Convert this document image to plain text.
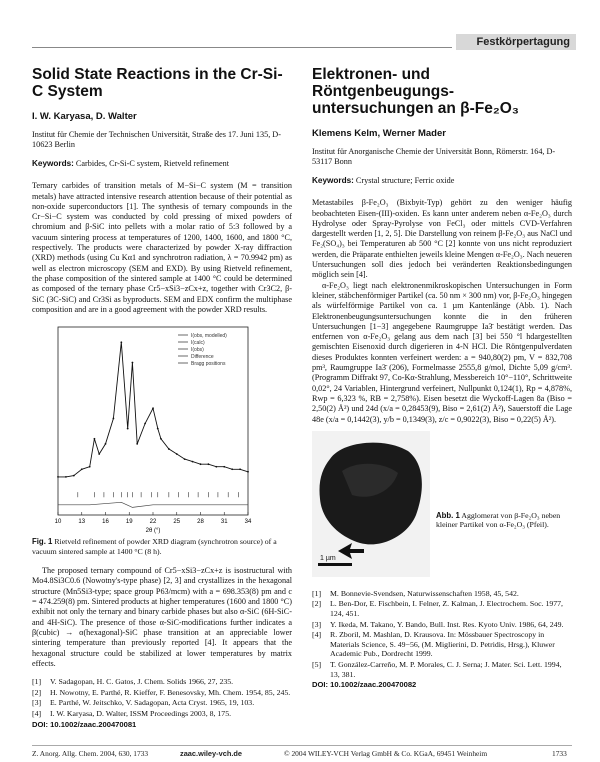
Festkörpertagung
Solid State Reactions in the Cr-Si-C System
I. W. Karyasa, D. Walter
Institut für Chemie der Technischen Universität, Straße des 17. Juni 135, D-10623 Berlin
Keywords: Carbides, Cr-Si-C system, Rietveld refinement

Ternary carbides of transition metals of M−Si−C system (M = transition metals) have attracted intensive research attention because of their potential as non-oxide superconductors [1]. The synthesis of ternary compounds in the Cr−Si−C system was conducted by cold pressing of mixed powders of chromium and β-SiC into pellets with a molar ratio of 5:3 followed by a vacuum sintering process at temperatures of 1200, 1400, 1600, and 1800 °C, respectively. The products were characterized by powder X-ray diffraction (XRD) methods (using Cu Kα1 and synchrotron radiation, λ = 70.9942 pm) as well as electron microscopy (SEM and EXD). By using Rietveld refinement, the phase composition of the sintered sample at 1400 °C could be determined as composed of the ternary phase Cr5−xSi3−zCx+z, together with Cr3C2, β-SiC (3C-SiC) and Cr3Si as byproducts. SEM and EDX confirm the multiphase composition and are in a good agreement with the powder XRD results.

10	13	16	19	22	25	28	31	34
I(obs, modelled)
I(calc)
I(obs)
Difference
Bragg positions
2θ (°)
Fig. 1 Rietveld refinement of powder XRD diagram (synchrotron source) of a vacuum sintered sample at 1400 °C (8 h).

The proposed ternary compound of Cr5−xSi3−zCx+z is isostructural with Mo4.8Si3C0.6 (Nowotny's-type phase) [2, 3] and crystallizes in the hexagonal structure (Mn5Si3-type; space group P63/mcm) with a = 698.353(8) pm and c = 474.259(8) pm. Sintered products at higher temperatures (1600 and 1800 °C) exhibit not only the ternary and binary carbide phases but also α-SiC (6H-SiC- and 4H-SiC). The presence of those α-SiC-modifications further indicates a β(cubic) → α(hexagonal)-SiC phase transition at an appreciable lower sintering temperature than previously reported [4]. It appears that the hexagonal structure could be stabilized at lower temperatures by matrix effects.

[1] V. Sadagopan, H. C. Gatos, J. Chem. Solids 1966, 27, 235.
[2] H. Nowotny, E. Parthé, R. Kieffer, F. Benesovsky, Mh. Chem. 1954, 85, 245.
[3] E. Parthé, W. Jeitschko, V. Sadagopan, Acta Cryst. 1965, 19, 103.
[4] I. W. Karyasa, D. Walter, ISSM Proceedings 2003, 8, 175.
DOI: 10.1002/zaac.200470081
Elektronen- und Röntgenbeugungs-
untersuchungen an β-Fe₂O₃
Klemens Kelm, Werner Mader
Institut für Anorganische Chemie der Universität Bonn, Römerstr. 164, D-53117 Bonn
Keywords: Crystal structure; Ferric oxide

Metastabiles β-Fe₂O₃ (Bixbyit-Typ) gehört zu den weniger häufig beobachteten Eisen-(III)-oxiden. Es kann unter anderem neben α-Fe₂O₃ durch Hydrolyse oder Spray-Pyrolyse von FeCl₃ oder mittels CVD-Verfahren dargestellt werden [1, 2, 5]. Die Darstellung von reinem β-Fe₂O₃ aus NaCl und Fe₂(SO₄)₃ bei Temperaturen ab 500 °C [2] konnte von uns nicht reproduziert werden, die Präparate enthielten jeweils kleine Mengen α-Fe₂O₃. Nach neueren Untersuchungen soll dies jedoch bei veränderten Reaktionsbedingungen möglich sein [4].

α-Fe₂O₃ liegt nach elektronenmikroskopischen Untersuchungen in Form kleiner, stäbchenförmiger Partikel (ca. 50 nm × 300 nm) vor, β-Fe₂O₃ hingegen als würfelförmige Partikel von ca. 1 µm Kantenlänge (Abb. 1). Nach Elektronenbeugungsuntersuchungen konnte die in den früheren Untersuchungen [1−3] angegebene Raumgruppe Ia3̄ bestätigt werden. Das entfernen von α-Fe₂O₃ gelang aus dem nach [3] bei 550 °l hdargestellten gemischten Eisenoxid durch digerieren in 4-N HCl. Die Röntgenpulverdaten dieses Produktes konnten verfeinert werden: a = 940,80(2) pm, V = 832,708 pm³, Raumgruppe Ia3̄ (206), Formelmasse 2555,8 g/mol, Dichte 5,09 g/cm³. (Programm Diffrakt 97, Co-Kα-Strahlung, Messbereich 10°−110°, Schrittweite 0,02°, 24 Variablen, Hintergrund verfeinert, Nullpunkt 0,124(1), Rp = 4,878%, Rwp = 6,323 %, RB = 2,758%). Eisen besetzt die Wyckoff-Lagen 8a (Biso = 2,50(2) Å²) und 24d (x/a = 0,28453(9), Biso = 2,61(2) Å²), Sauerstoff die Lage 48e (x/a = 0,1442(3), y/b = 0,1349(3), z/c = 0,9022(3), Biso = 0,22(5) Å²).

1 µm
Abb. 1 Agglomerat von β-Fe₂O₃ neben kleiner Partikel von α-Fe₂O₃ (Pfeil).
[1] M. Bonnevie-Svendsen, Naturwissenschaften 1958, 45, 542.
[2] L. Ben-Dor, E. Fischbein, I. Felner, Z. Kalman, J. Electrochem. Soc. 1977, 124, 451.
[3] Y. Ikeda, M. Takano, Y. Bando, Bull. Inst. Res. Kyoto Univ. 1986, 64, 249.
[4] R. Zboril, M. Mashlan, D. Krausova. In: Mössbauer Spectroscopy in Materials Science, S. 49−56, (M. Miglierini, D. Petridis, Hrsg.), Kluwer Academic Pub., Dordrecht 1999.
[5] T. González-Carreño, M. P. Morales, C. J. Serna; J. Mater. Sci. Lett. 1994, 13, 381.
DOI: 10.1002/zaac.200470082
Z. Anorg. Allg. Chem. 2004, 630, 1733	zaac.wiley-vch.de	© 2004 WILEY-VCH Verlag GmbH & Co. KGaA, 69451 Weinheim	1733
